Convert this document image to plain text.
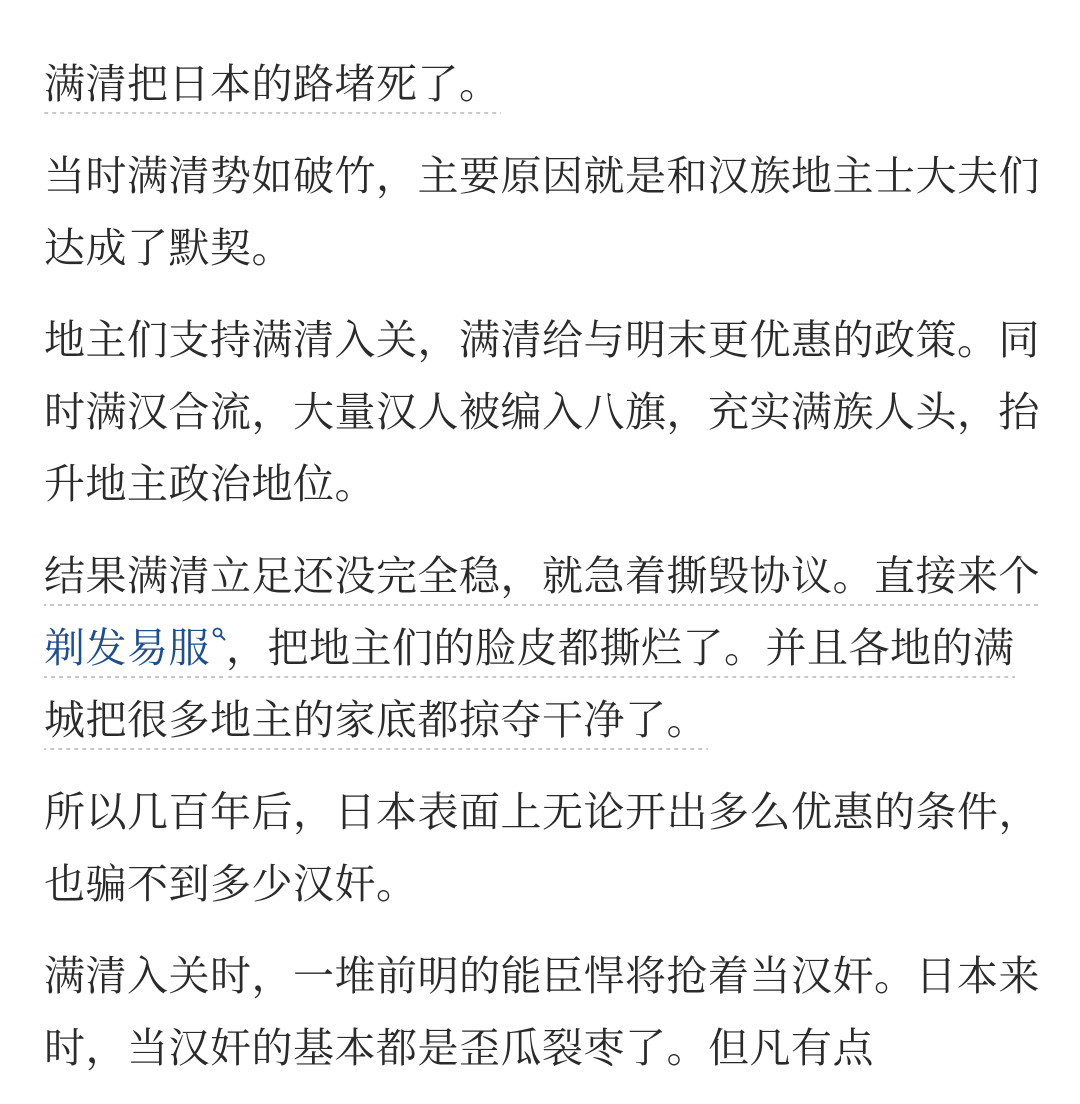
满清把日本的路堵死了。

当时满清势如破竹，主要原因就是和汉族地主士大夫们达成了默契。

地主们支持满清入关，满清给与明末更优惠的政策。同时满汉合流，大量汉人被编入八旗，充实满族人头，抬升地主政治地位。

结果满清立足还没完全稳，就急着撕毁协议。直接来个剃发易服 ，把地主们的脸皮都撕烂了。并且各地的满城把很多地主的家底都掠夺干净了。

所以几百年后，日本表面上无论开出多么优惠的条件，也骗不到多少汉奸。

满清入关时，一堆前明的能臣悍将抢着当汉奸。日本来时，当汉奸的基本都是歪瓜裂枣了。但凡有点
